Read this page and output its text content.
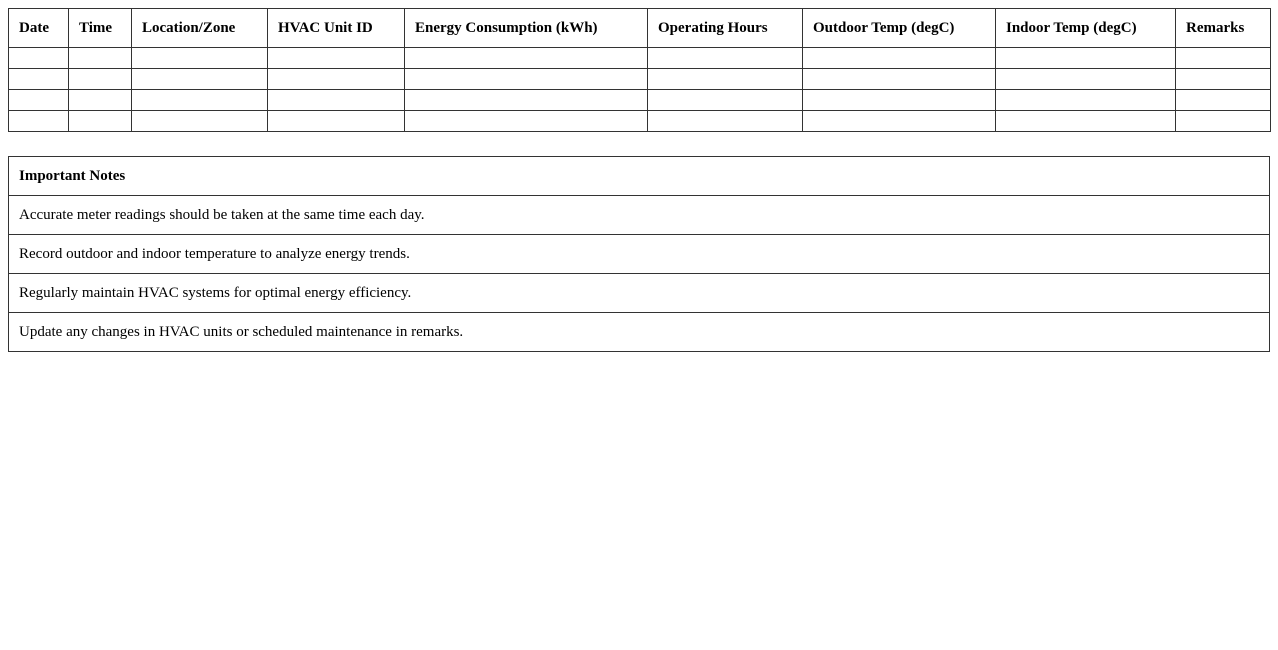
Date	Time	Location/Zone	HVAC Unit ID	Energy Consumption (kWh)	Operating Hours	Outdoor Temp (degC)	Indoor Temp (degC)	Remarks

Important Notes
Accurate meter readings should be taken at the same time each day.
Record outdoor and indoor temperature to analyze energy trends.
Regularly maintain HVAC systems for optimal energy efficiency.
Update any changes in HVAC units or scheduled maintenance in remarks.
